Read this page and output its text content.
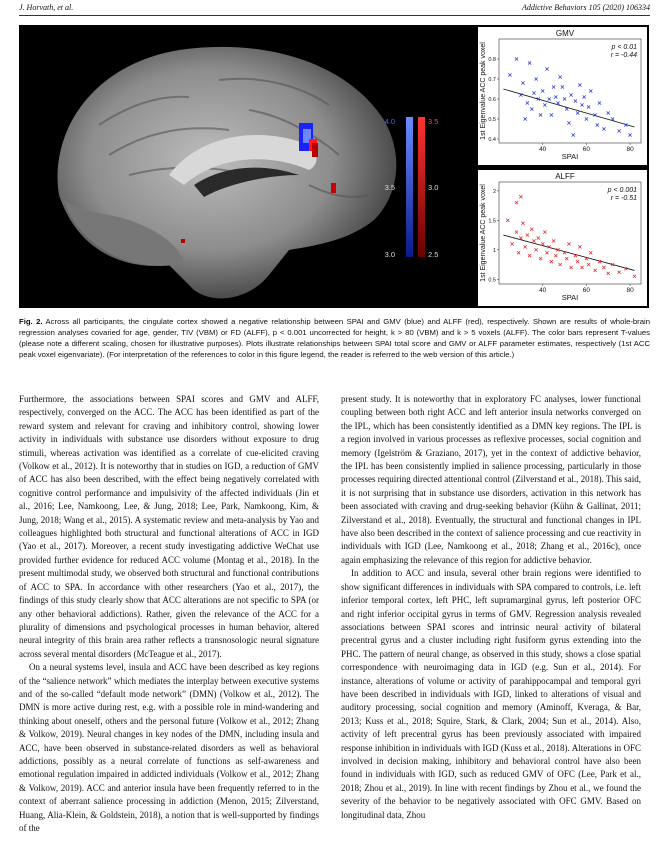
J. Horvath, et al.	Addictive Behaviors 105 (2020) 106334
4.0
3.5
3.0
3.5
3.0
2.5
GMV
40	60	80
0.4
0.5
0.6
0.7
0.8
SPAI
1st Eigenvalue ACC peak voxel	p < 0.01
r = -0.44
ALFF
40	60	80
0.5
1
1.5
2
SPAI
1st Eigenvalue ACC peak voxel	p < 0.001
r = -0.51
Fig. 2. Across all participants, the cingulate cortex showed a negative relationship between SPAI and GMV (blue) and ALFF (red), respectively. Shown are results of whole-brain regression analyses covaried for age, gender, TIV (VBM) or FD (ALFF), p < 0.001 uncorrected for height, k > 80 (VBM) and k > 5 voxels (ALFF). The color bars represent T-values (please note a different scaling, chosen for illustrative purposes). Plots illustrate relationships between SPAI total score and GMV or ALFF parameter estimates, respectively (1st ACC peak voxel eigenvariate). (For interpretation of the references to color in this figure legend, the reader is referred to the web version of this article.)

Furthermore, the associations between SPAI scores and GMV and ALFF, respectively, converged on the ACC. The ACC has been identified as part of the reward system and relevant for craving and inhibitory control, showing lower activity in individuals with substance use disorders without exposure to drug stimuli, whereas activation was identified as a correlate of cue-elicited craving (Volkow et al., 2012). It is noteworthy that in studies on IGD, a reduction of GMV of ACC has also been described, with the effect being negatively correlated with cognitive control performance and impulsivity of the affected individuals (Jin et al., 2016; Lee, Namkoong, Lee, & Jung, 2018; Lee, Park, Namkoong, Kim, & Jung, 2018; Wang et al., 2015). A systematic review and meta-analysis by Yao and colleagues highlighted both structural and functional alterations of ACC in IGD (Yao et al., 2017). Moreover, a recent study investigating addictive WeChat use provided further evidence for reduced ACC volume (Montag et al., 2018). In the present multimodal study, we observed both structural and functional contributions of ACC to SPA. In accordance with other researchers (Yao et al., 2017), the findings of this study clearly show that ACC alterations are not specific to SPA (or any other behavioral addictions). Rather, given the relevance of the ACC for a plurality of dimensions and psychological processes in human behavior, altered neural integrity of this brain area rather reflects a transnosologic neural signature across several mental disorders (McTeague et al., 2017).

On a neural systems level, insula and ACC have been described as key regions of the “salience network” which mediates the interplay between executive systems and of the so-called “default mode network” (DMN) (Volkow et al., 2012). The DMN is more active during rest, e.g. with a possible role in mind-wandering and thinking about oneself, others and the personal future (Volkow et al., 2012; Zhang & Volkow, 2019). Neural changes in key nodes of the DMN, including insula and ACC, have been observed in substance-related disorders as well as behavioral addictions, possibly as a neural correlate of functions as self-awareness and emotional regulation impaired in addicted individuals (Volkow et al., 2012; Zhang & Volkow, 2019). ACC and anterior insula have been frequently referred to in the context of aberrant salience processing in addiction (Menon, 2015; Zilverstand, Huang, Alia-Klein, & Goldstein, 2018), a notion that is well-supported by findings of the

present study. It is noteworthy that in exploratory FC analyses, lower functional coupling between both right ACC and left anterior insula networks converged on the IPL, which has been consistently identified as a DMN key regions. The IPL is a region involved in various processes as reflexive processes, social cognition and memory (Igelström & Graziano, 2017), yet in the context of addictive behavior, the IPL has been consistently implied in salience processing, particularly in those processes requiring directed attentional control (Zilverstand et al., 2018). This said, it is not surprising that in substance use disorders, activation in this network has been associated with craving and drug-seeking behavior (Kühn & Gallinat, 2011; Zilverstand et al., 2018). Eventually, the structural and functional changes in IPL have also been described in the context of salience processing and cue reactivity in individuals with IGD (Lee, Namkoong et al., 2018; Zhang et al., 2016c), once again emphasizing the relevance of this region for addictive behavior.

In addition to ACC and insula, several other brain regions were identified to show significant differences in individuals with SPA compared to controls, i.e. left inferior temporal cortex, left PHC, left supramarginal gyrus, left posterior OFC and right inferior occipital gyrus in terms of GMV. Regression analysis revealed associations between SPAI scores and intrinsic neural activity of bilateral precentral gyrus and a cluster including right fusiform gyrus extending into the PHC. The pattern of neural change, as observed in this study, shows a close spatial correspondence with neuroimaging data in IGD (e.g. Sun et al., 2014). For instance, alterations of volume or activity of parahippocampal and temporal gyri have been described in individuals with IGD, linked to alterations of visual and auditory processing, social cognition and memory (Aminoff, Kveraga, & Bar, 2013; Kuss et al., 2018; Squire, Stark, & Clark, 2004; Sun et al., 2014). Also, activity of left precentral gyrus has been previously associated with impaired response inhibition in individuals with IGD (Kuss et al., 2018). Alterations in OFC involved in decision making, inhibitory and behavioral control have also been found in individuals with IGD, such as reduced GMV of OFC (Lee, Park et al., 2018; Zhou et al., 2019). In line with recent findings by Zhou et al., we found the severity of the behavior to be negatively associated with OFC GMV. Based on longitudinal data, Zhou
